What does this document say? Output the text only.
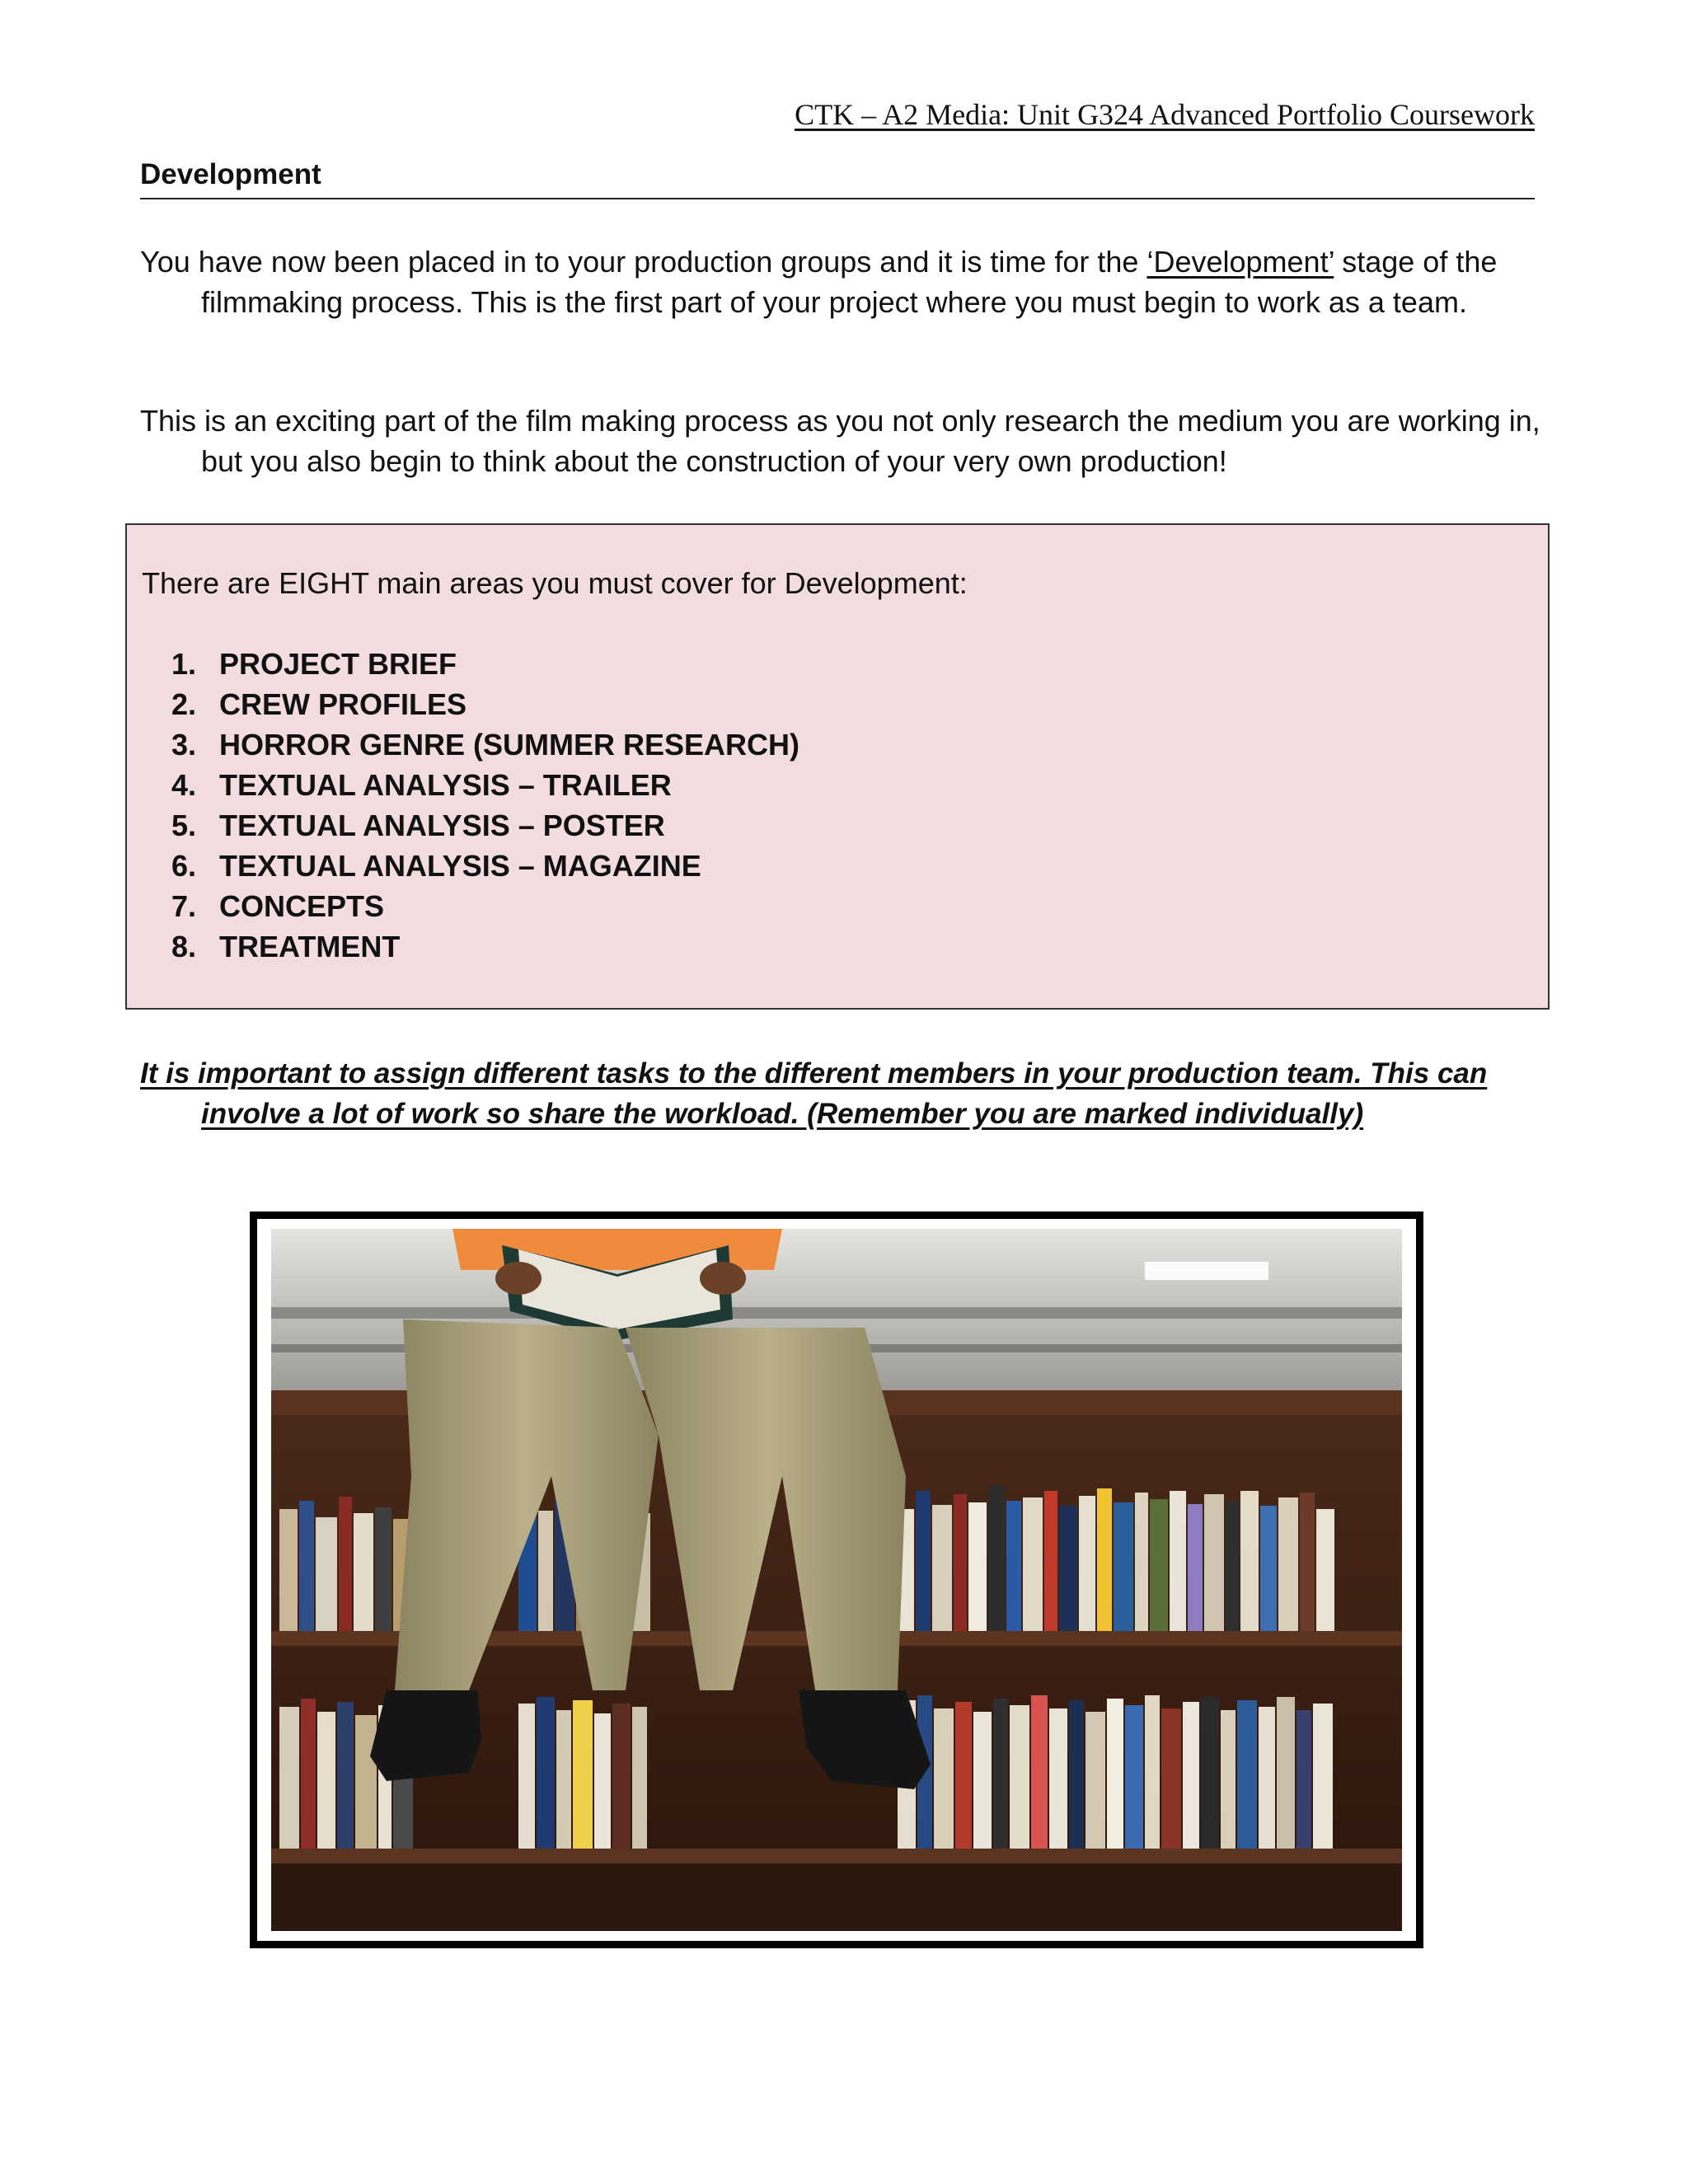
CTK – A2 Media: Unit G324 Advanced Portfolio Coursework
Development

You have now been placed in to your production groups and it is time for the ‘Development’ stage of the filmmaking process. This is the first part of your project where you must begin to work as a team.

This is an exciting part of the film making process as you not only research the medium you are working in, but you also begin to think about the construction of your very own production!

There are EIGHT main areas you must cover for Development:

1. PROJECT BRIEF
2. CREW PROFILES
3. HORROR GENRE (SUMMER RESEARCH)
4. TEXTUAL ANALYSIS – TRAILER
5. TEXTUAL ANALYSIS – POSTER
6. TEXTUAL ANALYSIS – MAGAZINE
7. CONCEPTS
8. TREATMENT

It is important to assign different tasks to the different members in your production team. This can involve a lot of work so share the workload. (Remember you are marked individually)
